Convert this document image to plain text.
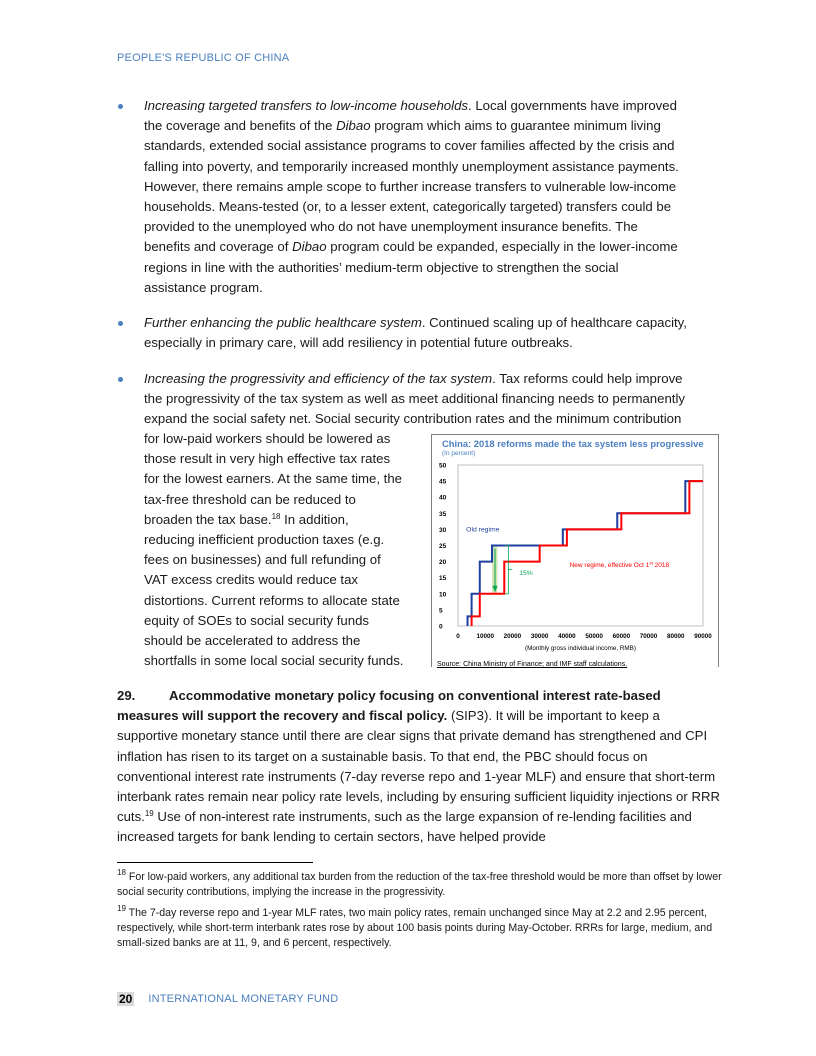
PEOPLE'S REPUBLIC OF CHINA
Increasing targeted transfers to low-income households. Local governments have improved
the coverage and benefits of the Dibao program which aims to guarantee minimum living
standards, extended social assistance programs to cover families affected by the crisis and
falling into poverty, and temporarily increased monthly unemployment assistance payments.
However, there remains ample scope to further increase transfers to vulnerable low-income
households. Means-tested (or, to a lesser extent, categorically targeted) transfers could be
provided to the unemployed who do not have unemployment insurance benefits. The
benefits and coverage of Dibao program could be expanded, especially in the lower-income
regions in line with the authorities’ medium-term objective to strengthen the social
assistance program.
Further enhancing the public healthcare system. Continued scaling up of healthcare capacity,
especially in primary care, will add resiliency in potential future outbreaks.
Increasing the progressivity and efficiency of the tax system. Tax reforms could help improve
the progressivity of the tax system as well as meet additional financing needs to permanently
expand the social safety net. Social security contribution rates and the minimum contribution
for low-paid workers should be lowered as
those result in very high effective tax rates
for the lowest earners. At the same time, the
tax-free threshold can be reduced to
broaden the tax base.$^{18}$ In addition,
reducing inefficient production taxes (e.g.
fees on businesses) and full refunding of
VAT excess credits would reduce tax
distortions. Current reforms to allocate state
equity of SOEs to social security funds
should be accelerated to address the
shortfalls in some local social security funds.
China: 2018 reforms made the tax system less progressive
(In percent)
0
5
10
15
20
25
30
35
40
45
50
0	10000 20000 30000 40000 50000 60000 70000 80000 90000
(Monthly gross individual income, RMB)
Old regime
15%
New regime, effective Oct 1st 2018
Source: China Ministry of Finance; and IMF staff calculations.
29.	Accommodative monetary policy focusing on conventional interest rate-based measures will support the recovery and fiscal policy. (SIP3). It will be important to keep a supportive monetary stance until there are clear signs that private demand has strengthened and CPI inflation has risen to its target on a sustainable basis. To that end, the PBC should focus on conventional interest rate instruments (7-day reverse repo and 1-year MLF) and ensure that short-term interbank rates remain near policy rate levels, including by ensuring sufficient liquidity injections or RRR cuts.$^{19}$ Use of non-interest rate instruments, such as the large expansion of re-lending facilities and increased targets for bank lending to certain sectors, have helped provide
$^{18}$ For low-paid workers, any additional tax burden from the reduction of the tax-free threshold would be more than offset by lower social security contributions, implying the increase in the progressivity.
$^{19}$ The 7-day reverse repo and 1-year MLF rates, two main policy rates, remain unchanged since May at 2.2 and 2.95 percent, respectively, while short-term interbank rates rose by about 100 basis points during May-October. RRRs for large, medium, and small-sized banks are at 11, 9, and 6 percent, respectively.
20 INTERNATIONAL MONETARY FUND
